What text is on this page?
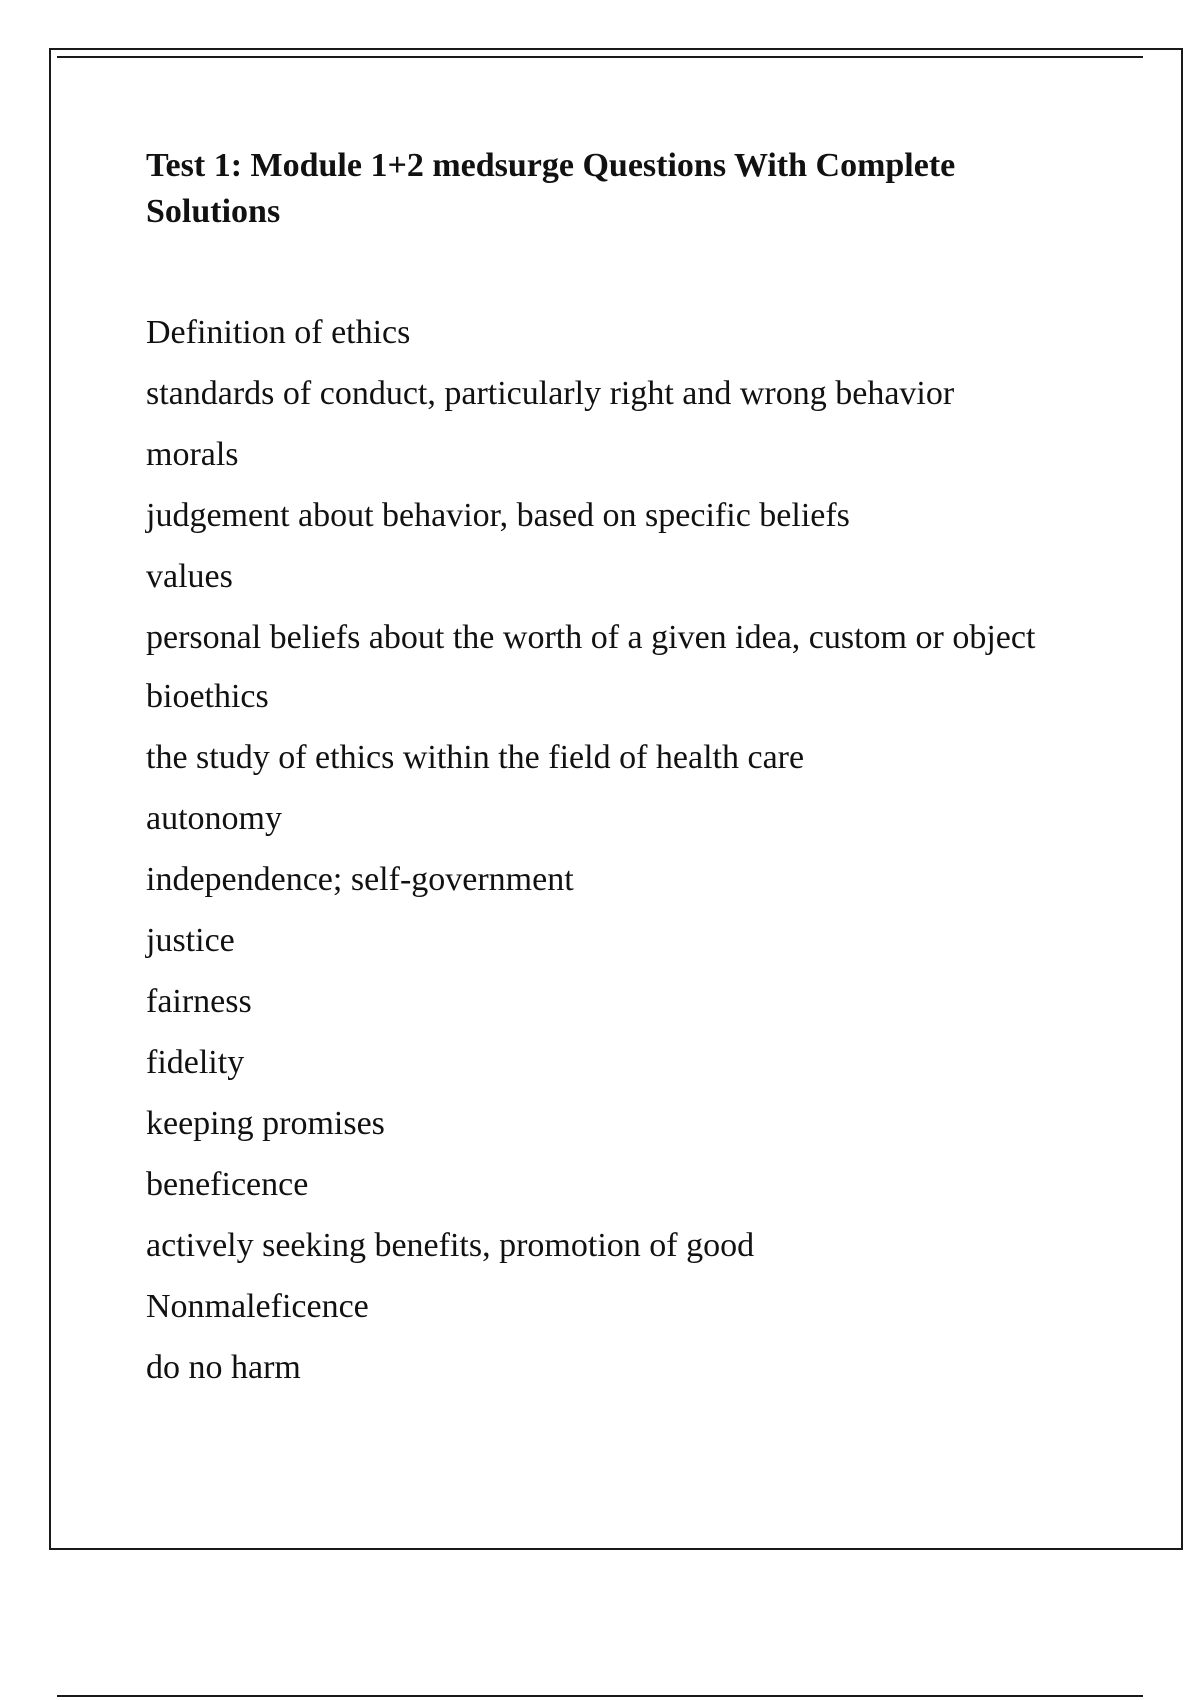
Test 1: Module 1+2 medsurge Questions With Complete Solutions
Definition of ethics
standards of conduct, particularly right and wrong behavior
morals
judgement about behavior, based on specific beliefs
values
personal beliefs about the worth of a given idea, custom or object
bioethics
the study of ethics within the field of health care
autonomy
independence; self-government
justice
fairness
fidelity
keeping promises
beneficence
actively seeking benefits, promotion of good
Nonmaleficence
do no harm
